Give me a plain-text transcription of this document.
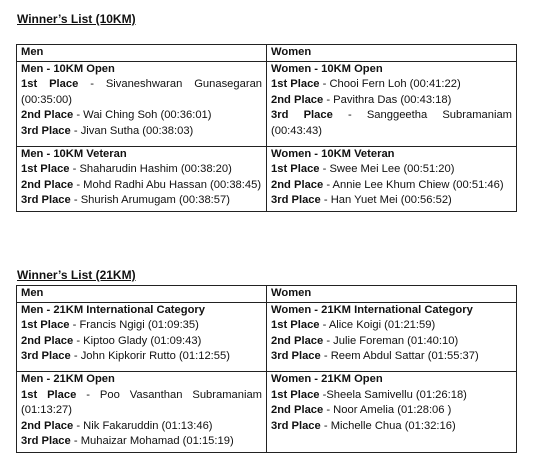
Winner’s List (10KM)
Men	Women

Men - 10KM Open
1st Place - Sivaneshwaran Gunasegaran (00:35:00)
2nd Place - Wai Ching Soh (00:36:01)
3rd Place - Jivan Sutha (00:38:03)	Women - 10KM Open
1st Place - Chooi Fern Loh (00:41:22)
2nd Place - Pavithra Das (00:43:18)
3rd Place - Sanggeetha Subramaniam (00:43:43)

Men - 10KM Veteran
1st Place - Shaharudin Hashim (00:38:20)
2nd Place - Mohd Radhi Abu Hassan (00:38:45)
3rd Place - Shurish Arumugam (00:38:57)	Women - 10KM Veteran
1st Place - Swee Mei Lee (00:51:20)
2nd Place - Annie Lee Khum Chiew (00:51:46)
3rd Place - Han Yuet Mei (00:56:52)
Winner’s List (21KM)
Men	Women

Men - 21KM International Category
1st Place - Francis Ngigi (01:09:35)
2nd Place - Kiptoo Glady (01:09:43)
3rd Place - John Kipkorir Rutto (01:12:55)	Women - 21KM International Category
1st Place - Alice Koigi (01:21:59)
2nd Place - Julie Foreman (01:40:10)
3rd Place - Reem Abdul Sattar (01:55:37)

Men - 21KM Open
1st Place - Poo Vasanthan Subramaniam (01:13:27)
2nd Place - Nik Fakaruddin (01:13:46)
3rd Place - Muhaizar Mohamad (01:15:19)	Women - 21KM Open
1st Place -Sheela Samivellu (01:26:18)
2nd Place - Noor Amelia (01:28:06 )
3rd Place - Michelle Chua (01:32:16)
